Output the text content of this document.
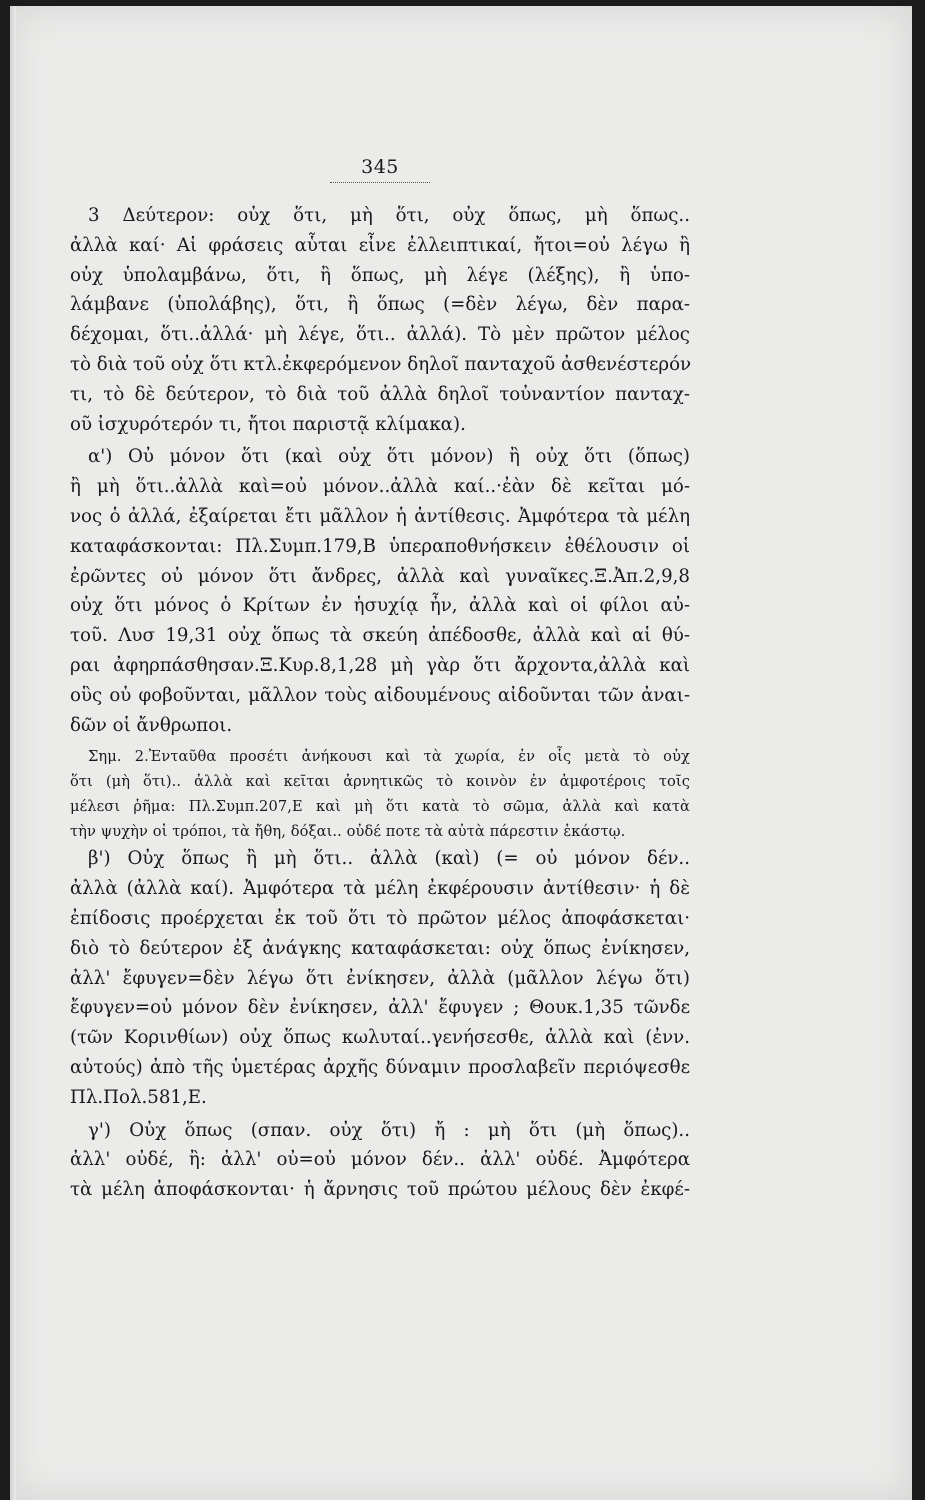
345

3 Δεύτερον: οὐχ ὅτι, μὴ ὅτι, οὐχ ὅπως, μὴ ὅπως..
ἀλλὰ καί· Αἱ φράσεις αὗται εἶνε ἐλλειπτικαί, ἤτοι=οὐ λέγω ἢ
οὐχ ὑπολαμβάνω, ὅτι, ἢ ὅπως, μὴ λέγε (λέξης), ἢ ὑπο-
λάμβανε (ὑπολάβης), ὅτι, ἢ ὅπως (=δὲν λέγω, δὲν παρα-
δέχομαι, ὅτι..ἀλλά· μὴ λέγε, ὅτι.. ἀλλά). Τὸ μὲν πρῶτον μέλος
τὸ διὰ τοῦ οὐχ ὅτι κτλ.ἐκφερόμενον δηλοῖ πανταχοῦ ἀσθενέστερόν
τι, τὸ δὲ δεύτερον, τὸ διὰ τοῦ ἀλλὰ δηλοῖ τοὐναντίον πανταχ-
οῦ ἰσχυρότερόν τι, ἤτοι παριστᾷ κλίμακα).

α') Οὐ μόνον ὅτι (καὶ οὐχ ὅτι μόνον) ἢ οὐχ ὅτι (ὅπως)
ἢ μὴ ὅτι..ἀλλὰ καὶ=οὐ μόνον..ἀλλὰ καί..·ἐὰν δὲ κεῖται μό-
νος ὁ ἀλλά, ἐξαίρεται ἔτι μᾶλλον ἡ ἀντίθεσις. Ἀμφότερα τὰ μέλη
καταφάσκονται: Πλ.Συμπ.179,Β ὑπεραποθνήσκειν ἐθέλουσιν οἱ
ἐρῶντες οὐ μόνον ὅτι ἄνδρες, ἀλλὰ καὶ γυναῖκες.Ξ.Ἀπ.2,9,8
οὐχ ὅτι μόνος ὁ Κρίτων ἐν ἡσυχίᾳ ἦν, ἀλλὰ καὶ οἱ φίλοι αὐ-
τοῦ. Λυσ 19,31 οὐχ ὅπως τὰ σκεύη ἀπέδοσθε, ἀλλὰ καὶ αἱ θύ-
ραι ἀφηρπάσθησαν.Ξ.Κυρ.8,1,28 μὴ γὰρ ὅτι ἄρχοντα,ἀλλὰ καὶ
οὓς οὐ φοβοῦνται, μᾶλλον τοὺς αἰδουμένους αἰδοῦνται τῶν ἀναι-
δῶν οἱ ἄνθρωποι.

Σημ. 2.Ἐνταῦθα προσέτι ἀνήκουσι καὶ τὰ χωρία, ἐν οἷς μετὰ τὸ οὐχ
ὅτι (μὴ ὅτι).. ἀλλὰ καὶ κεῖται ἀρνητικῶς τὸ κοινὸν ἐν ἀμφοτέροις τοῖς
μέλεσι ῥῆμα: Πλ.Συμπ.207,Ε καὶ μὴ ὅτι κατὰ τὸ σῶμα, ἀλλὰ καὶ κατὰ
τὴν ψυχὴν οἱ τρόποι, τὰ ἤθη, δόξαι.. οὐδέ ποτε τὰ αὐτὰ πάρεστιν ἑκάστῳ.

β') Οὐχ ὅπως ἢ μὴ ὅτι.. ἀλλὰ (καὶ) (= οὐ μόνον δέν..
ἀλλὰ (ἀλλὰ καί). Ἀμφότερα τὰ μέλη ἐκφέρουσιν ἀντίθεσιν· ἡ δὲ
ἐπίδοσις προέρχεται ἐκ τοῦ ὅτι τὸ πρῶτον μέλος ἀποφάσκεται·
διὸ τὸ δεύτερον ἐξ ἀνάγκης καταφάσκεται: οὐχ ὅπως ἐνίκησεν,
ἀλλ' ἔφυγεν=δὲν λέγω ὅτι ἐνίκησεν, ἀλλὰ (μᾶλλον λέγω ὅτι)
ἔφυγεν=οὐ μόνον δὲν ἐνίκησεν, ἀλλ' ἔφυγεν ; Θουκ.1,35 τῶνδε
(τῶν Κορινθίων) οὐχ ὅπως κωλυταί..γενήσεσθε, ἀλλὰ καὶ (ἐνν.
αὐτούς) ἀπὸ τῆς ὑμετέρας ἀρχῆς δύναμιν προσλαβεῖν περιόψεσθε
Πλ.Πολ.581,Ε.

γ') Οὐχ ὅπως (σπαν. οὐχ ὅτι) ἤ : μὴ ὅτι (μὴ ὅπως)..
ἀλλ' οὐδέ, ἢ: ἀλλ' οὐ=οὐ μόνον δέν.. ἀλλ' οὐδέ. Ἀμφότερα
τὰ μέλη ἀποφάσκονται· ἡ ἄρνησις τοῦ πρώτου μέλους δὲν ἐκφέ-
